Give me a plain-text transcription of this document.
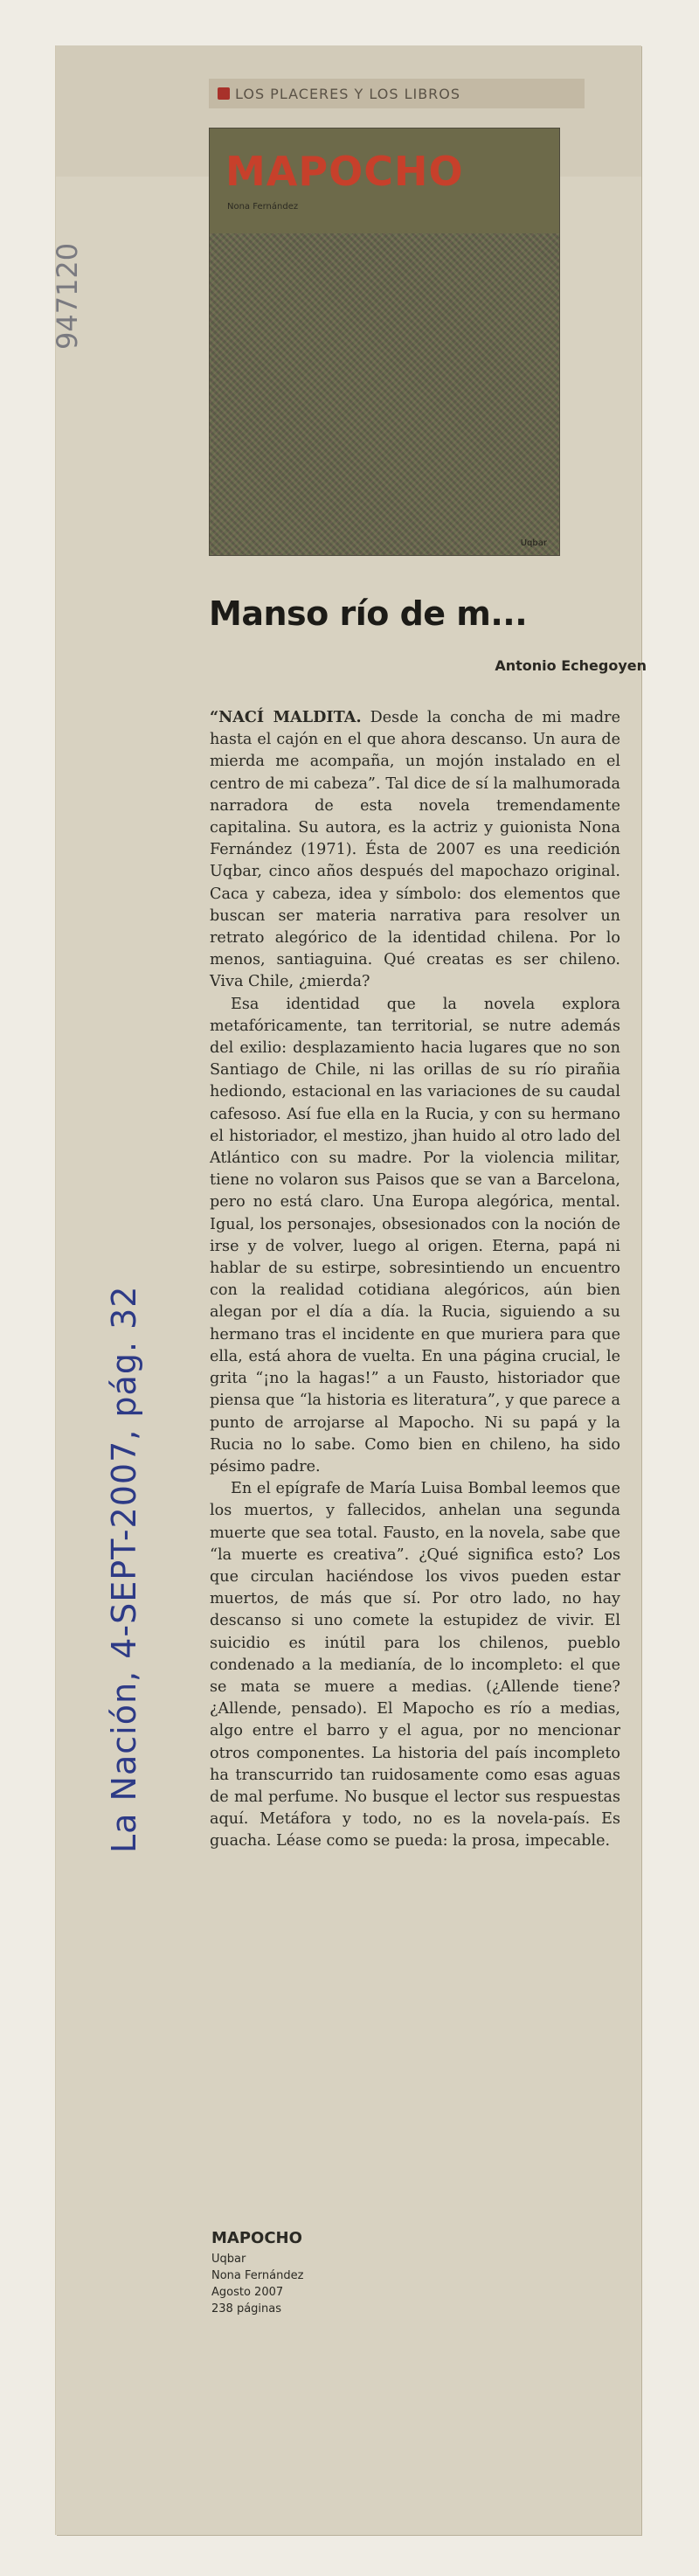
947120
LOS PLACERES Y LOS LIBROS
MAPOCHO
Nona Fernández
Uqbar
La Nación, 4-SEPT-2007, pág. 32
Manso río de m...
Antonio Echegoyen

“NACÍ MALDITA. Desde la concha de mi madre hasta el cajón en el que ahora descanso. Un aura de mierda me acompaña, un mojón instalado en el centro de mi cabeza”. Tal dice de sí la malhumorada narradora de esta novela tremendamente capitalina. Su autora, es la actriz y guionista Nona Fernández (1971). Ésta de 2007 es una reedición Uqbar, cinco años después del mapochazo original. Caca y cabeza, idea y símbolo: dos elementos que buscan ser materia narrativa para resolver un retrato alegórico de la identidad chilena. Por lo menos, santiaguina. Qué creatas es ser chileno. Viva Chile, ¿mierda?

Esa identidad que la novela explora metafóricamente, tan territorial, se nutre además del exilio: desplazamiento hacia lugares que no son Santiago de Chile, ni las orillas de su río pirañia hediondo, estacional en las variaciones de su caudal cafesoso. Así fue ella en la Rucia, y con su hermano el historiador, el mestizo, jhan huido al otro lado del Atlántico con su madre. Por la violencia militar, tiene no volaron sus Paisos que se van a Barcelona, pero no está claro. Una Europa alegórica, mental. Igual, los personajes, obsesionados con la noción de irse y de volver, luego al origen. Eterna, papá ni hablar de su estirpe, sobresintiendo un encuentro con la realidad cotidiana alegóricos, aún bien alegan por el día a día. la Rucia, siguiendo a su hermano tras el incidente en que muriera para que ella, está ahora de vuelta. En una página crucial, le grita “¡no la hagas!” a un Fausto, historiador que piensa que “la historia es literatura”, y que parece a punto de arrojarse al Mapocho. Ni su papá y la Rucia no lo sabe. Como bien en chileno, ha sido pésimo padre.

En el epígrafe de María Luisa Bombal leemos que los muertos, y fallecidos, anhelan una segunda muerte que sea total. Fausto, en la novela, sabe que “la muerte es creativa”. ¿Qué significa esto? Los que circulan haciéndose los vivos pueden estar muertos, de más que sí. Por otro lado, no hay descanso si uno comete la estupidez de vivir. El suicidio es inútil para los chilenos, pueblo condenado a la medianía, de lo incompleto: el que se mata se muere a medias. (¿Allende tiene? ¿Allende, pensado). El Mapocho es río a medias, algo entre el barro y el agua, por no mencionar otros componentes. La historia del país incompleto ha transcurrido tan ruidosamente como esas aguas de mal perfume. No busque el lector sus respuestas aquí. Metáfora y todo, no es la novela-país. Es guacha. Léase como se pueda: la prosa, impecable.

MAPOCHO
Uqbar
Nona Fernández
Agosto 2007
238 páginas
